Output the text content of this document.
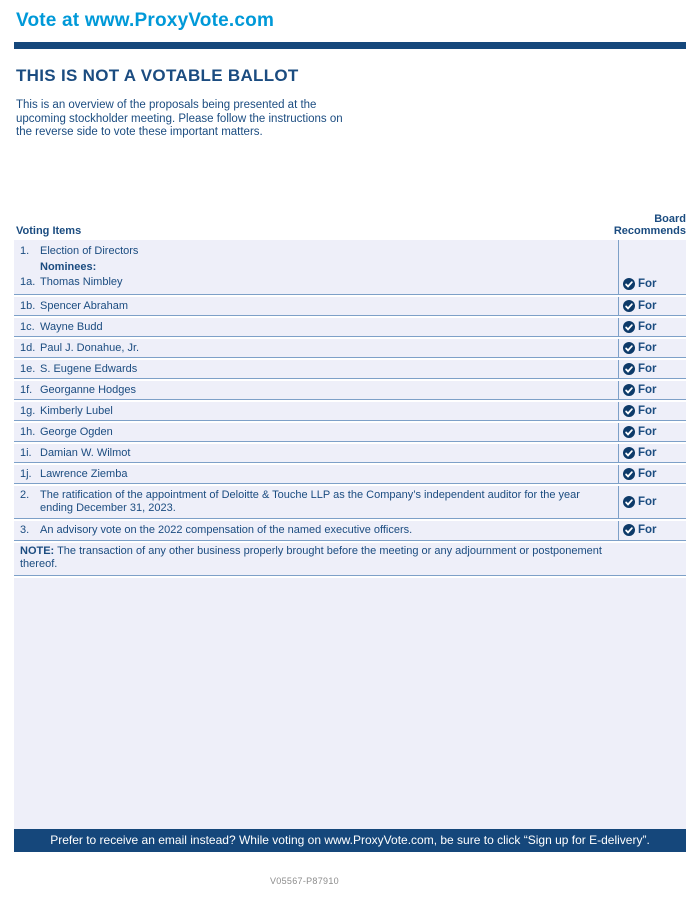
Vote at www.ProxyVote.com
THIS IS NOT A VOTABLE BALLOT
This is an overview of the proposals being presented at the
upcoming stockholder meeting. Please follow the instructions on
the reverse side to vote these important matters.
Voting Items
Board
Recommends
1. Election of Directors
Nominees:
1a. Thomas Nimbley	For
1b. Spencer Abraham	For
1c. Wayne Budd	For
1d. Paul J. Donahue, Jr.	For
1e. S. Eugene Edwards	For
1f. Georganne Hodges	For
1g. Kimberly Lubel	For
1h. George Ogden	For
1i. Damian W. Wilmot	For
1j. Lawrence Ziemba	For
2. The ratification of the appointment of Deloitte & Touche LLP as the Company’s independent auditor for the year ending December 31, 2023.	For
3. An advisory vote on the 2022 compensation of the named executive officers.	For
NOTE: The transaction of any other business properly brought before the meeting or any adjournment or postponement thereof.
Prefer to receive an email instead? While voting on www.ProxyVote.com, be sure to click “Sign up for E-delivery”.
V05567-P87910
